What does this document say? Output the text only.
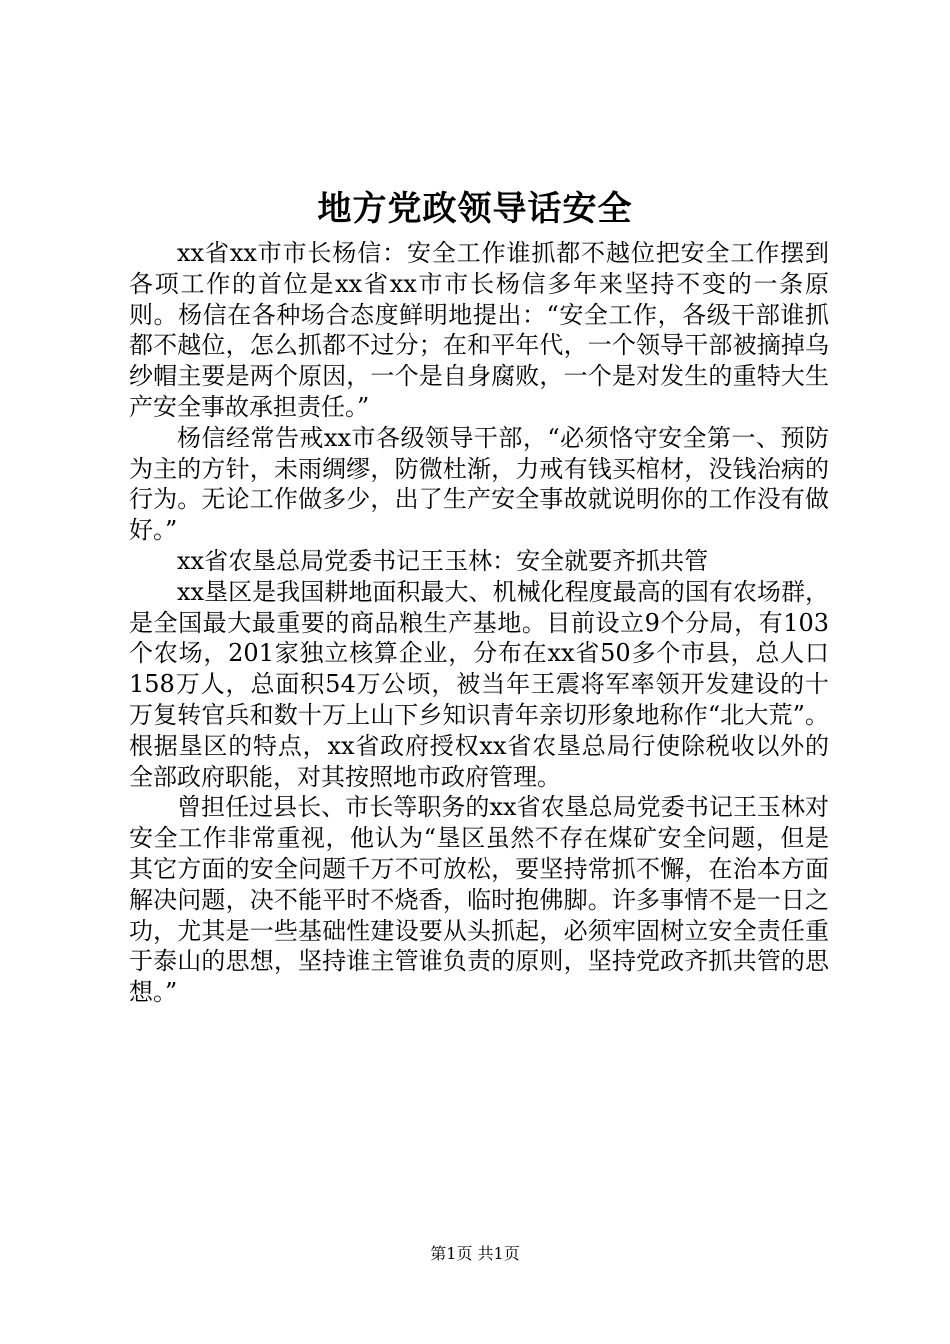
地方党政领导话安全

xx省xx市市长杨信：安全工作谁抓都不越位把安全工作摆到各项工作的首位是xx省xx市市长杨信多年来坚持不变的一条原则。杨信在各种场合态度鲜明地提出：“安全工作，各级干部谁抓都不越位，怎么抓都不过分；在和平年代，一个领导干部被摘掉乌纱帽主要是两个原因，一个是自身腐败，一个是对发生的重特大生产安全事故承担责任。”

杨信经常告戒xx市各级领导干部，“必须恪守安全第一、预防为主的方针，未雨绸缪，防微杜渐，力戒有钱买棺材，没钱治病的行为。无论工作做多少，出了生产安全事故就说明你的工作没有做好。”

xx省农垦总局党委书记王玉林：安全就要齐抓共管

xx垦区是我国耕地面积最大、机械化程度最高的国有农场群，是全国最大最重要的商品粮生产基地。目前设立9个分局，有103个农场，201家独立核算企业，分布在xx省50多个市县，总人口158万人，总面积54万公顷，被当年王震将军率领开发建设的十万复转官兵和数十万上山下乡知识青年亲切形象地称作“北大荒”。根据垦区的特点，xx省政府授权xx省农垦总局行使除税收以外的全部政府职能，对其按照地市政府管理。

曾担任过县长、市长等职务的xx省农垦总局党委书记王玉林对安全工作非常重视，他认为“垦区虽然不存在煤矿安全问题，但是其它方面的安全问题千万不可放松，要坚持常抓不懈，在治本方面解决问题，决不能平时不烧香，临时抱佛脚。许多事情不是一日之功，尤其是一些基础性建设要从头抓起，必须牢固树立安全责任重于泰山的思想，坚持谁主管谁负责的原则，坚持党政齐抓共管的思想。”

第1页 共1页
